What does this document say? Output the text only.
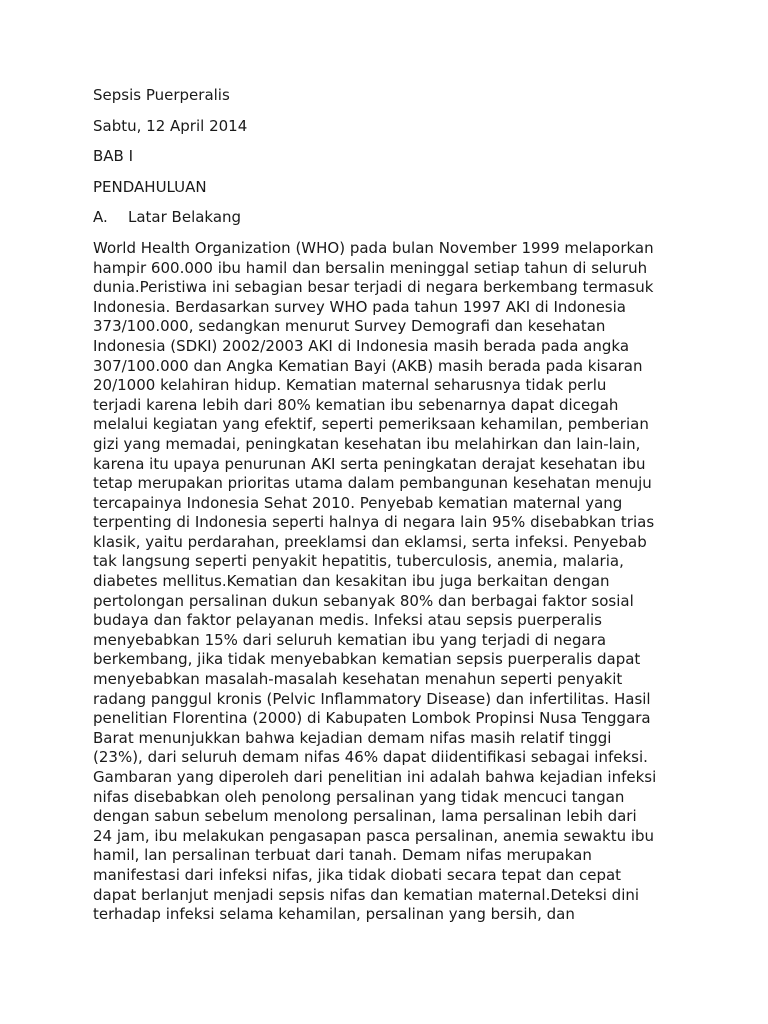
Sepsis Puerperalis
Sabtu, 12 April 2014
BAB I
PENDAHULUAN
A. Latar Belakang
World Health Organization (WHO) pada bulan November 1999 melaporkan
hampir 600.000 ibu hamil dan bersalin meninggal setiap tahun di seluruh
dunia.Peristiwa ini sebagian besar terjadi di negara berkembang termasuk
Indonesia. Berdasarkan survey WHO pada tahun 1997 AKI di Indonesia
373/100.000, sedangkan menurut Survey Demografi dan kesehatan
Indonesia (SDKI) 2002/2003 AKI di Indonesia masih berada pada angka
307/100.000 dan Angka Kematian Bayi (AKB) masih berada pada kisaran
20/1000 kelahiran hidup. Kematian maternal seharusnya tidak perlu
terjadi karena lebih dari 80% kematian ibu sebenarnya dapat dicegah
melalui kegiatan yang efektif, seperti pemeriksaan kehamilan, pemberian
gizi yang memadai, peningkatan kesehatan ibu melahirkan dan lain-lain,
karena itu upaya penurunan AKI serta peningkatan derajat kesehatan ibu
tetap merupakan prioritas utama dalam pembangunan kesehatan menuju
tercapainya Indonesia Sehat 2010. Penyebab kematian maternal yang
terpenting di Indonesia seperti halnya di negara lain 95% disebabkan trias
klasik, yaitu perdarahan, preeklamsi dan eklamsi, serta infeksi. Penyebab
tak langsung seperti penyakit hepatitis, tuberculosis, anemia, malaria,
diabetes mellitus.Kematian dan kesakitan ibu juga berkaitan dengan
pertolongan persalinan dukun sebanyak 80% dan berbagai faktor sosial
budaya dan faktor pelayanan medis. Infeksi atau sepsis puerperalis
menyebabkan 15% dari seluruh kematian ibu yang terjadi di negara
berkembang, jika tidak menyebabkan kematian sepsis puerperalis dapat
menyebabkan masalah-masalah kesehatan menahun seperti penyakit
radang panggul kronis (Pelvic Inflammatory Disease) dan infertilitas. Hasil
penelitian Florentina (2000) di Kabupaten Lombok Propinsi Nusa Tenggara
Barat menunjukkan bahwa kejadian demam nifas masih relatif tinggi
(23%), dari seluruh demam nifas 46% dapat diidentifikasi sebagai infeksi.
Gambaran yang diperoleh dari penelitian ini adalah bahwa kejadian infeksi
nifas disebabkan oleh penolong persalinan yang tidak mencuci tangan
dengan sabun sebelum menolong persalinan, lama persalinan lebih dari
24 jam, ibu melakukan pengasapan pasca persalinan, anemia sewaktu ibu
hamil, lan persalinan terbuat dari tanah. Demam nifas merupakan
manifestasi dari infeksi nifas, jika tidak diobati secara tepat dan cepat
dapat berlanjut menjadi sepsis nifas dan kematian maternal.Deteksi dini
terhadap infeksi selama kehamilan, persalinan yang bersih, dan
